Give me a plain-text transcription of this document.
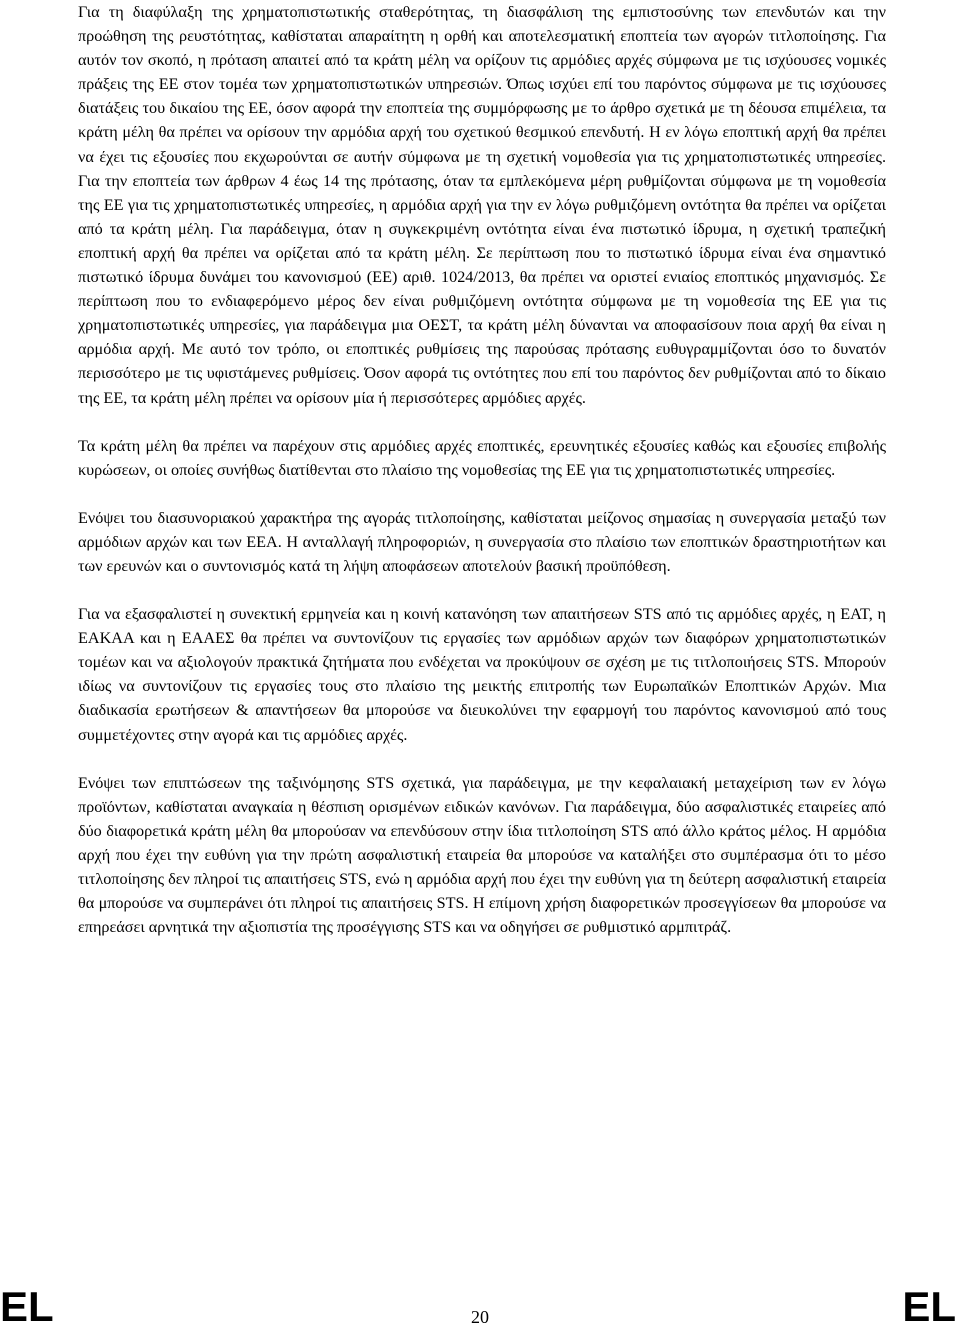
Για τη διαφύλαξη της χρηματοπιστωτικής σταθερότητας, τη διασφάλιση της εμπιστοσύνης των επενδυτών και την προώθηση της ρευστότητας, καθίσταται απαραίτητη η ορθή και αποτελεσματική εποπτεία των αγορών τιτλοποίησης. Για αυτόν τον σκοπό, η πρόταση απαιτεί από τα κράτη μέλη να ορίζουν τις αρμόδιες αρχές σύμφωνα με τις ισχύουσες νομικές πράξεις της ΕΕ στον τομέα των χρηματοπιστωτικών υπηρεσιών. Όπως ισχύει επί του παρόντος σύμφωνα με τις ισχύουσες διατάξεις του δικαίου της ΕΕ, όσον αφορά την εποπτεία της συμμόρφωσης με το άρθρο σχετικά με τη δέουσα επιμέλεια, τα κράτη μέλη θα πρέπει να ορίσουν την αρμόδια αρχή του σχετικού θεσμικού επενδυτή. Η εν λόγω εποπτική αρχή θα πρέπει να έχει τις εξουσίες που εκχωρούνται σε αυτήν σύμφωνα με τη σχετική νομοθεσία για τις χρηματοπιστωτικές υπηρεσίες. Για την εποπτεία των άρθρων 4 έως 14 της πρότασης, όταν τα εμπλεκόμενα μέρη ρυθμίζονται σύμφωνα με τη νομοθεσία της ΕΕ για τις χρηματοπιστωτικές υπηρεσίες, η αρμόδια αρχή για την εν λόγω ρυθμιζόμενη οντότητα θα πρέπει να ορίζεται από τα κράτη μέλη. Για παράδειγμα, όταν η συγκεκριμένη οντότητα είναι ένα πιστωτικό ίδρυμα, η σχετική τραπεζική εποπτική αρχή θα πρέπει να ορίζεται από τα κράτη μέλη. Σε περίπτωση που το πιστωτικό ίδρυμα είναι ένα σημαντικό πιστωτικό ίδρυμα δυνάμει του κανονισμού (ΕΕ) αριθ. 1024/2013, θα πρέπει να οριστεί ενιαίος εποπτικός μηχανισμός. Σε περίπτωση που το ενδιαφερόμενο μέρος δεν είναι ρυθμιζόμενη οντότητα σύμφωνα με τη νομοθεσία της ΕΕ για τις χρηματοπιστωτικές υπηρεσίες, για παράδειγμα μια ΟΕΣΤ, τα κράτη μέλη δύνανται να αποφασίσουν ποια αρχή θα είναι η αρμόδια αρχή. Με αυτό τον τρόπο, οι εποπτικές ρυθμίσεις της παρούσας πρότασης ευθυγραμμίζονται όσο το δυνατόν περισσότερο με τις υφιστάμενες ρυθμίσεις. Όσον αφορά τις οντότητες που επί του παρόντος δεν ρυθμίζονται από το δίκαιο της ΕΕ, τα κράτη μέλη πρέπει να ορίσουν μία ή περισσότερες αρμόδιες αρχές.

Τα κράτη μέλη θα πρέπει να παρέχουν στις αρμόδιες αρχές εποπτικές, ερευνητικές εξουσίες καθώς και εξουσίες επιβολής κυρώσεων, οι οποίες συνήθως διατίθενται στο πλαίσιο της νομοθεσίας της ΕΕ για τις χρηματοπιστωτικές υπηρεσίες.

Ενόψει του διασυνοριακού χαρακτήρα της αγοράς τιτλοποίησης, καθίσταται μείζονος σημασίας η συνεργασία μεταξύ των αρμόδιων αρχών και των ΕΕΑ. Η ανταλλαγή πληροφοριών, η συνεργασία στο πλαίσιο των εποπτικών δραστηριοτήτων και των ερευνών και ο συντονισμός κατά τη λήψη αποφάσεων αποτελούν βασική προϋπόθεση.

Για να εξασφαλιστεί η συνεκτική ερμηνεία και η κοινή κατανόηση των απαιτήσεων STS από τις αρμόδιες αρχές, η ΕΑΤ, η ΕΑΚΑΑ και η ΕΑΑΕΣ θα πρέπει να συντονίζουν τις εργασίες των αρμόδιων αρχών των διαφόρων χρηματοπιστωτικών τομέων και να αξιολογούν πρακτικά ζητήματα που ενδέχεται να προκύψουν σε σχέση με τις τιτλοποιήσεις STS. Μπορούν ιδίως να συντονίζουν τις εργασίες τους στο πλαίσιο της μεικτής επιτροπής των Ευρωπαϊκών Εποπτικών Αρχών. Μια διαδικασία ερωτήσεων & απαντήσεων θα μπορούσε να διευκολύνει την εφαρμογή του παρόντος κανονισμού από τους συμμετέχοντες στην αγορά και τις αρμόδιες αρχές.

Ενόψει των επιπτώσεων της ταξινόμησης STS σχετικά, για παράδειγμα, με την κεφαλαιακή μεταχείριση των εν λόγω προϊόντων, καθίσταται αναγκαία η θέσπιση ορισμένων ειδικών κανόνων. Για παράδειγμα, δύο ασφαλιστικές εταιρείες από δύο διαφορετικά κράτη μέλη θα μπορούσαν να επενδύσουν στην ίδια τιτλοποίηση STS από άλλο κράτος μέλος. Η αρμόδια αρχή που έχει την ευθύνη για την πρώτη ασφαλιστική εταιρεία θα μπορούσε να καταλήξει στο συμπέρασμα ότι το μέσο τιτλοποίησης δεν πληροί τις απαιτήσεις STS, ενώ η αρμόδια αρχή που έχει την ευθύνη για τη δεύτερη ασφαλιστική εταιρεία θα μπορούσε να συμπεράνει ότι πληροί τις απαιτήσεις STS. Η επίμονη χρήση διαφορετικών προσεγγίσεων θα μπορούσε να επηρεάσει αρνητικά την αξιοπιστία της προσέγγισης STS και να οδηγήσει σε ρυθμιστικό αρμπιτράζ.

EL	20	EL
